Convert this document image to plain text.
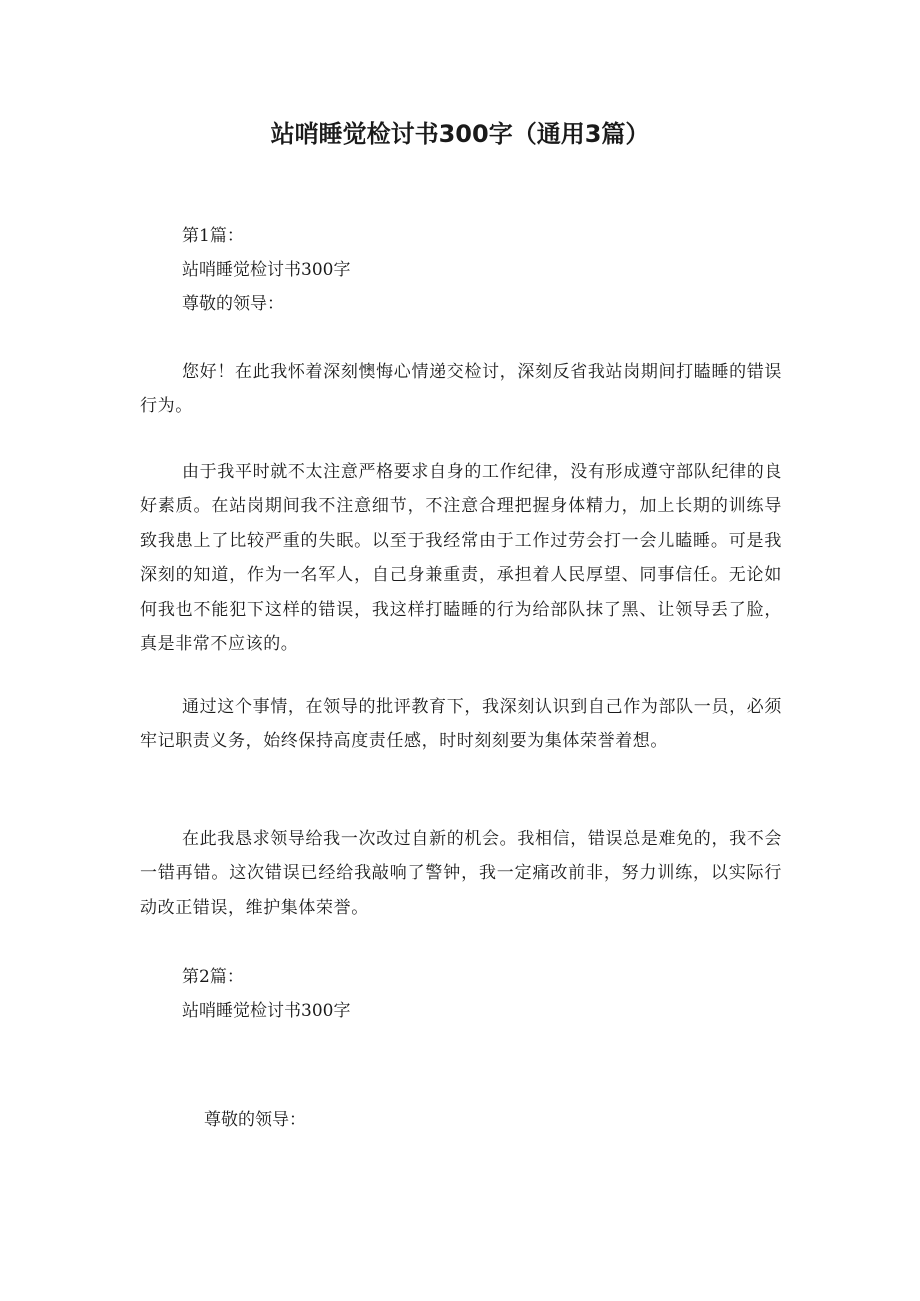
站哨睡觉检讨书300字（通用3篇）

第1篇：

站哨睡觉检讨书300字

尊敬的领导：

您好！在此我怀着深刻懊悔心情递交检讨，深刻反省我站岗期间打瞌睡的错误行为。

由于我平时就不太注意严格要求自身的工作纪律，没有形成遵守部队纪律的良好素质。在站岗期间我不注意细节，不注意合理把握身体精力，加上长期的训练导致我患上了比较严重的失眠。以至于我经常由于工作过劳会打一会儿瞌睡。可是我深刻的知道，作为一名军人，自己身兼重责，承担着人民厚望、同事信任。无论如何我也不能犯下这样的错误，我这样打瞌睡的行为给部队抹了黑、让领导丢了脸，真是非常不应该的。

通过这个事情，在领导的批评教育下，我深刻认识到自己作为部队一员，必须牢记职责义务，始终保持高度责任感，时时刻刻要为集体荣誉着想。

在此我恳求领导给我一次改过自新的机会。我相信，错误总是难免的，我不会一错再错。这次错误已经给我敲响了警钟，我一定痛改前非，努力训练，以实际行动改正错误，维护集体荣誉。

第2篇：

站哨睡觉检讨书300字

尊敬的领导：
